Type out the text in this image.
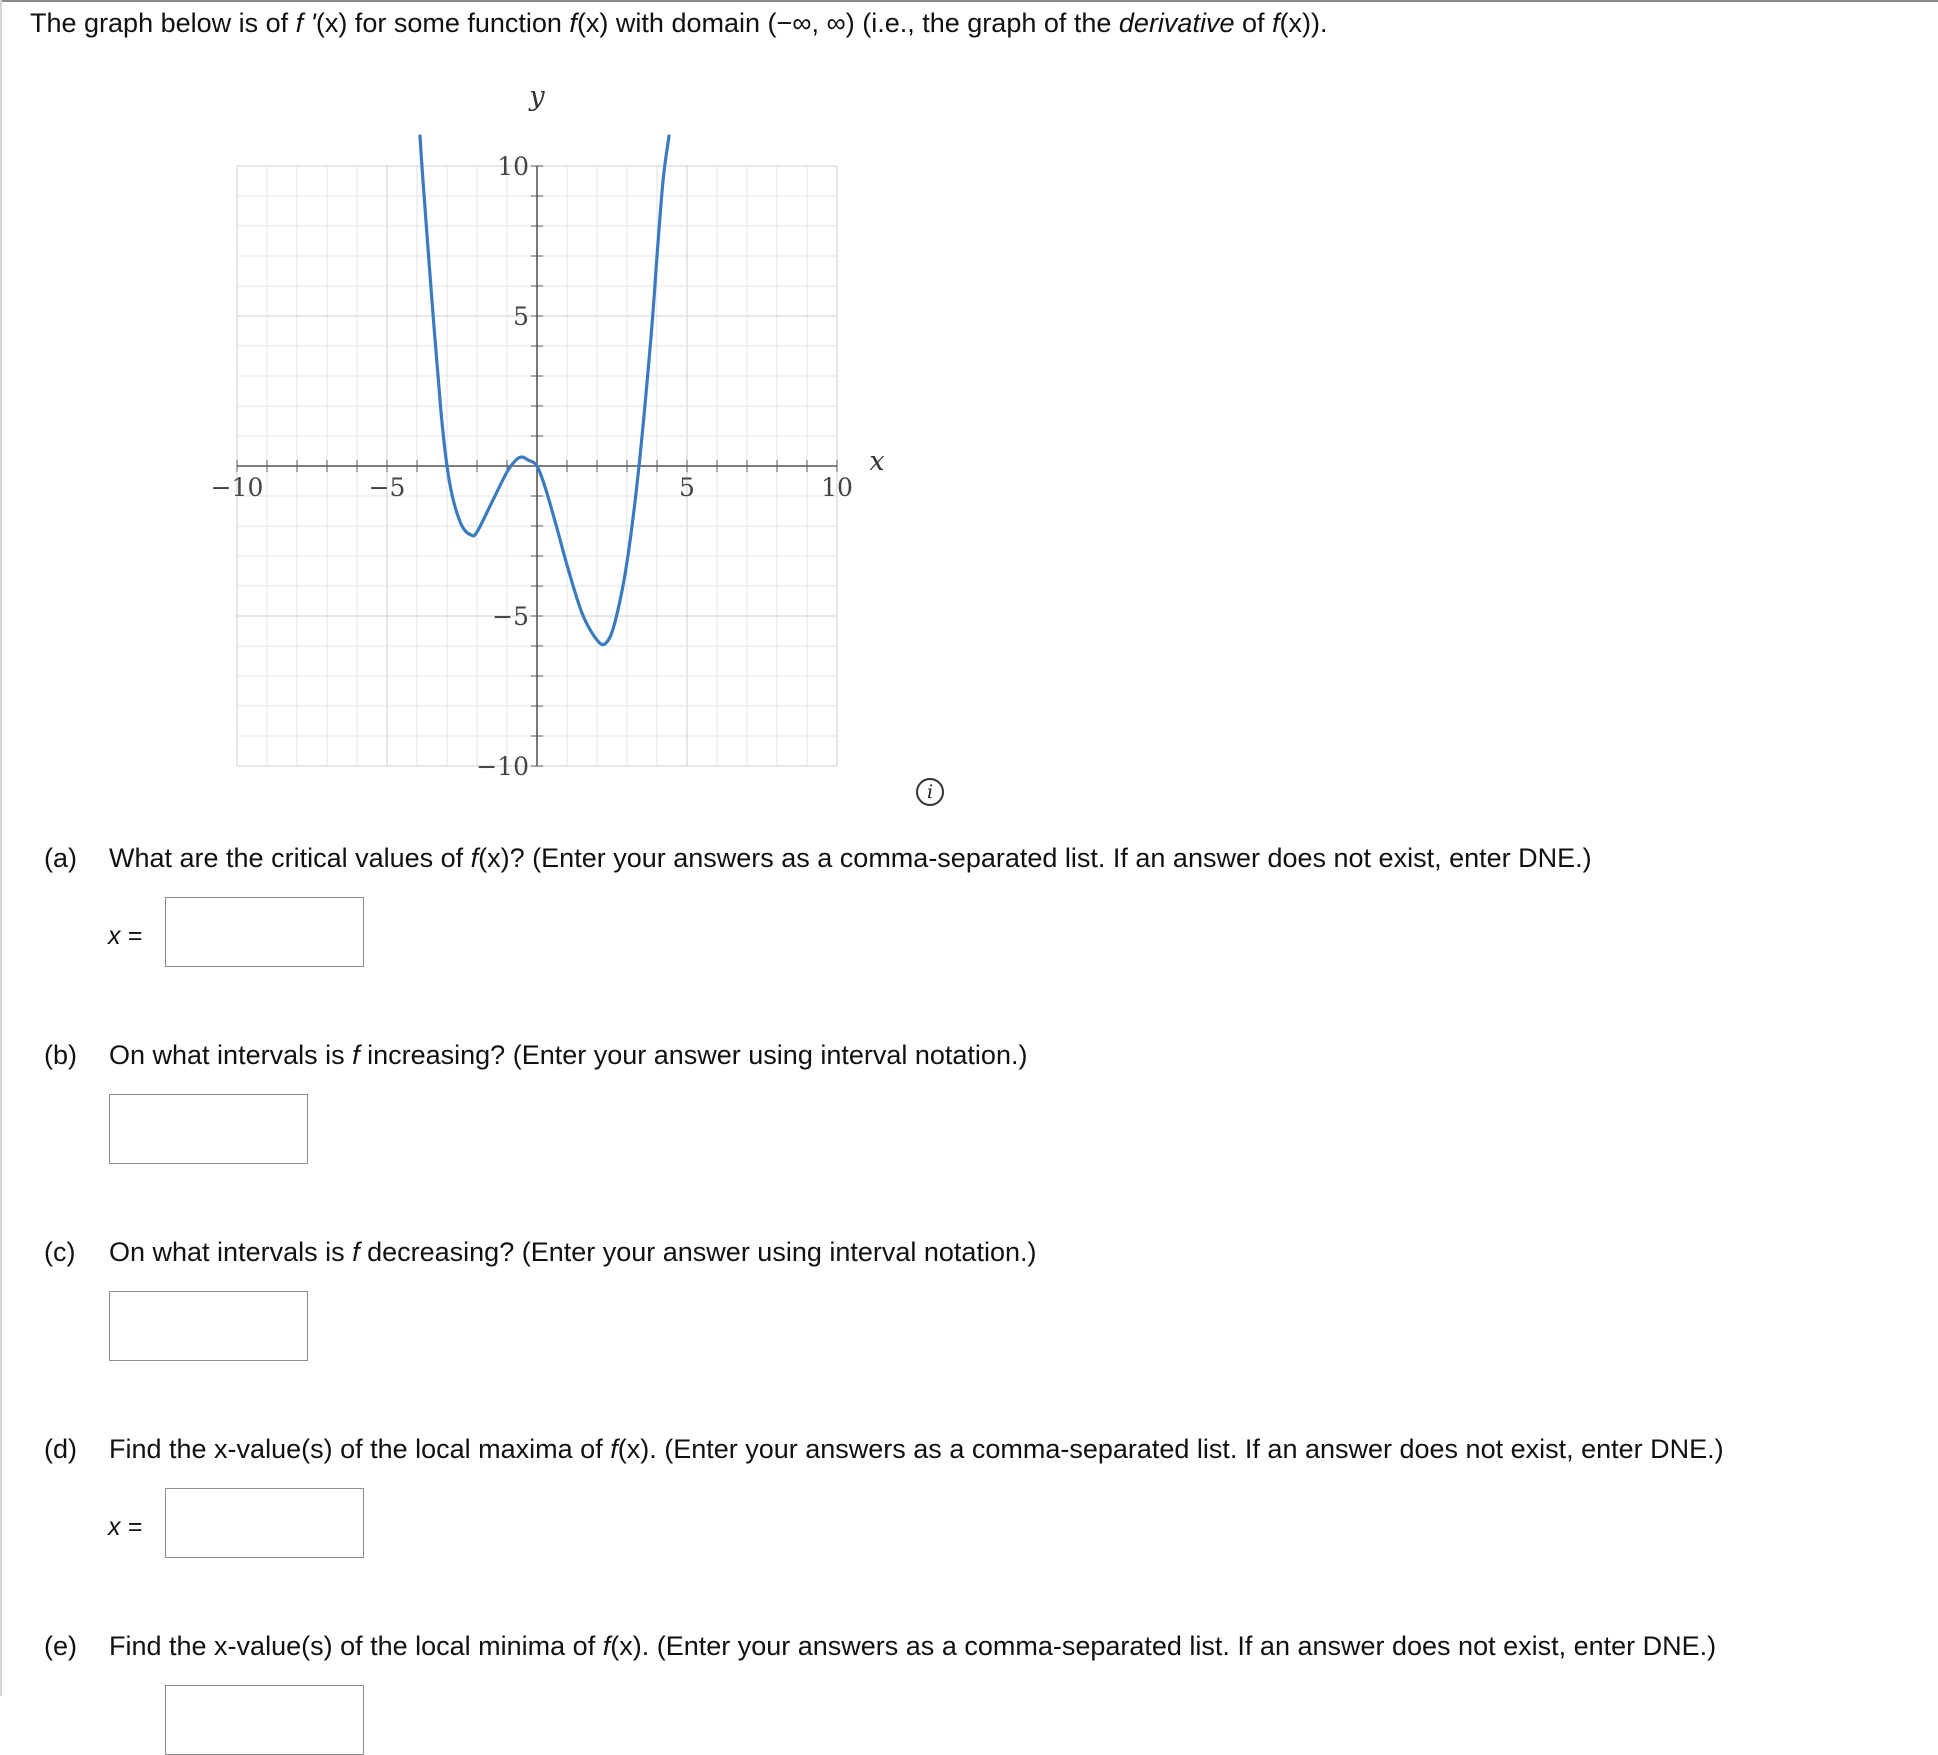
The graph below is of f '(x) for some function f(x) with domain (−∞, ∞) (i.e., the graph of the derivative of f(x)).
−10	−5	5	10
10
5
−5
−10
x
y
i
(a) What are the critical values of f(x)? (Enter your answers as a comma-separated list. If an answer does not exist, enter DNE.)
x =
(b) On what intervals is f increasing? (Enter your answer using interval notation.)
(c) On what intervals is f decreasing? (Enter your answer using interval notation.)
(d) Find the x-value(s) of the local maxima of f(x). (Enter your answers as a comma-separated list. If an answer does not exist, enter DNE.)
x =
(e) Find the x-value(s) of the local minima of f(x). (Enter your answers as a comma-separated list. If an answer does not exist, enter DNE.)
